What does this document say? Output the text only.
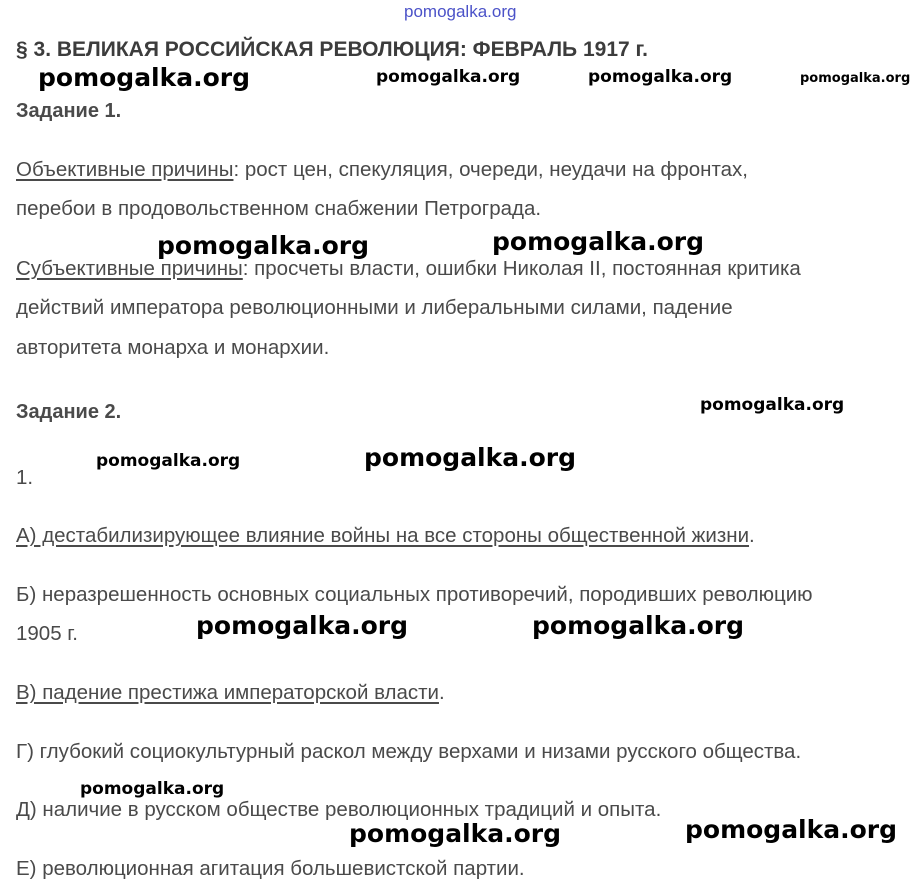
pomogalka.org
§ 3. ВЕЛИКАЯ РОССИЙСКАЯ РЕВОЛЮЦИЯ: ФЕВРАЛЬ 1917 г.
Задание 1.
Объективные причины: рост цен, спекуляция, очереди, неудачи на фронтах,
перебои в продовольственном снабжении Петрограда.
Субъективные причины: просчеты власти, ошибки Николая II, постоянная критика
действий императора революционными и либеральными силами, падение
авторитета монарха и монархии.
Задание 2.
1.
А) дестабилизирующее влияние войны на все стороны общественной жизни.
Б) неразрешенность основных социальных противоречий, породивших революцию
1905 г.
В) падение престижа императорской власти.
Г) глубокий социокультурный раскол между верхами и низами русского общества.
Д) наличие в русском обществе революционных традиций и опыта.
Е) революционная агитация большевистской партии.
pomogalka.org	pomogalka.org	pomogalka.org	pomogalka.org
pomogalka.org	pomogalka.org
pomogalka.org
pomogalka.org	pomogalka.org
pomogalka.org	pomogalka.org
pomogalka.org
pomogalka.org	pomogalka.org
